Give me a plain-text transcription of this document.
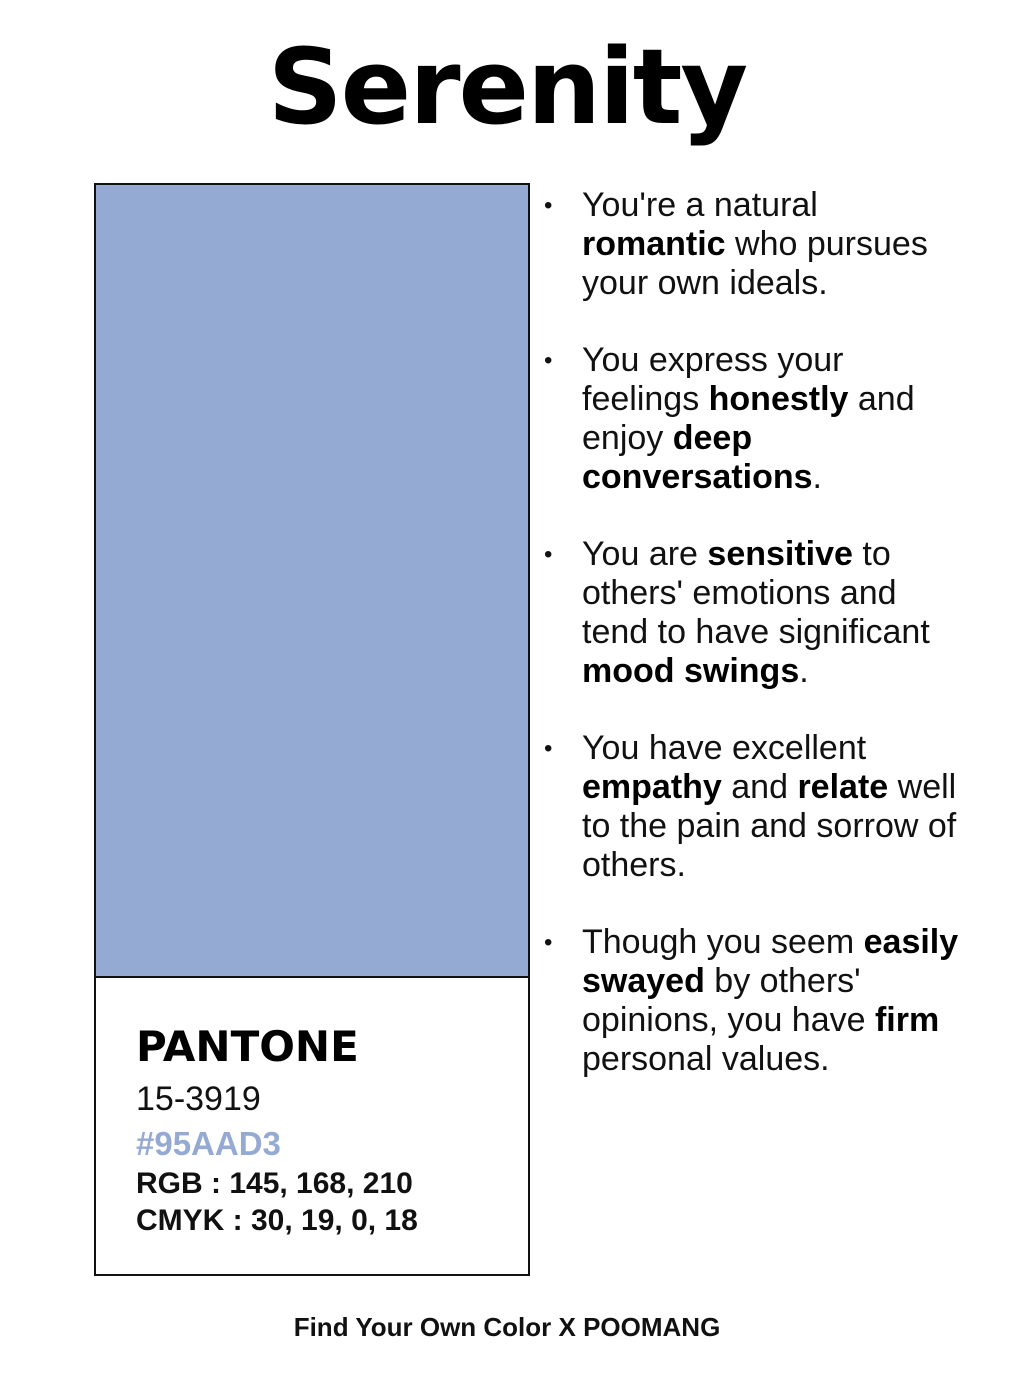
Serenity
PANTONE
15-3919
#95AAD3
RGB : 145, 168, 210
CMYK : 30, 19, 0, 18
• You're a natural romantic who pursues your own ideals.
• You express your feelings honestly and enjoy deep conversations.
• You are sensitive to others' emotions and tend to have significant mood swings.
• You have excellent empathy and relate well to the pain and sorrow of others.
• Though you seem easily swayed by others' opinions, you have firm personal values.
Find Your Own Color X POOMANG
